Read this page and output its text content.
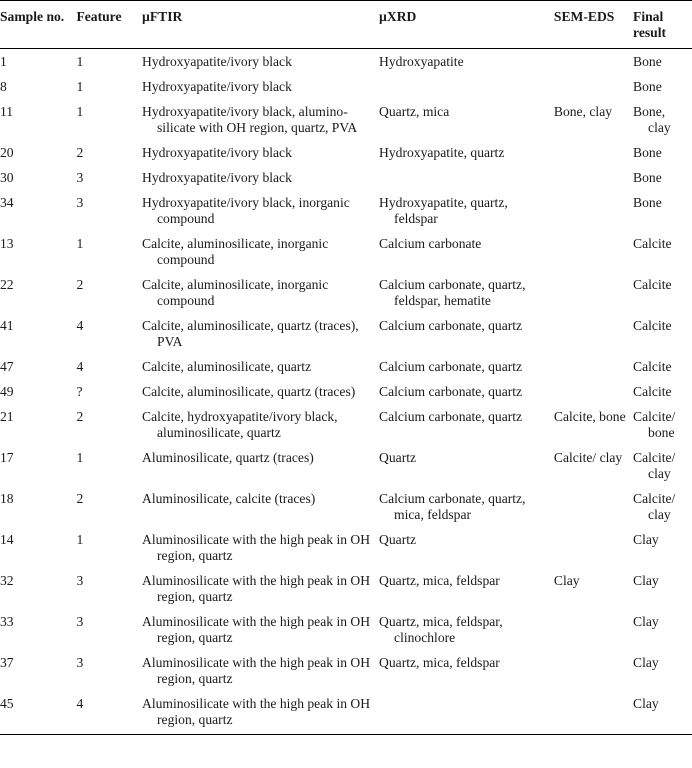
Sample no.	Feature	µFTIR	µXRD	SEM-EDS	Final result

1	1	Hydroxyapatite/ivory black	Hydroxyapatite		Bone

8	1	Hydroxyapatite/ivory black			Bone

11	1	Hydroxyapatite/ivory black, alumino-silicate with OH region, quartz, PVA	Quartz, mica	Bone, clay	Bone, clay

20	2	Hydroxyapatite/ivory black	Hydroxyapatite, quartz		Bone

30	3	Hydroxyapatite/ivory black			Bone

34	3	Hydroxyapatite/ivory black, inorganic compound	Hydroxyapatite, quartz, feldspar		Bone

13	1	Calcite, aluminosilicate, inorganic compound	Calcium carbonate		Calcite

22	2	Calcite, aluminosilicate, inorganic compound	Calcium carbonate, quartz, feldspar, hematite		Calcite

41	4	Calcite, aluminosilicate, quartz (traces), PVA	Calcium carbonate, quartz		Calcite

47	4	Calcite, aluminosilicate, quartz	Calcium carbonate, quartz		Calcite

49	?	Calcite, aluminosilicate, quartz (traces)	Calcium carbonate, quartz		Calcite

21	2	Calcite, hydroxyapatite/ivory black, aluminosilicate, quartz	Calcium carbonate, quartz	Calcite, bone	Calcite/ bone

17	1	Aluminosilicate, quartz (traces)	Quartz	Calcite/ clay	Calcite/ clay

18	2	Aluminosilicate, calcite (traces)	Calcium carbonate, quartz, mica, feldspar		Calcite/ clay

14	1	Aluminosilicate with the high peak in OH region, quartz	Quartz		Clay

32	3	Aluminosilicate with the high peak in OH region, quartz	Quartz, mica, feldspar	Clay	Clay

33	3	Aluminosilicate with the high peak in OH region, quartz	Quartz, mica, feldspar, clinochlore		Clay

37	3	Aluminosilicate with the high peak in OH region, quartz	Quartz, mica, feldspar		Clay

45	4	Aluminosilicate with the high peak in OH region, quartz			Clay
